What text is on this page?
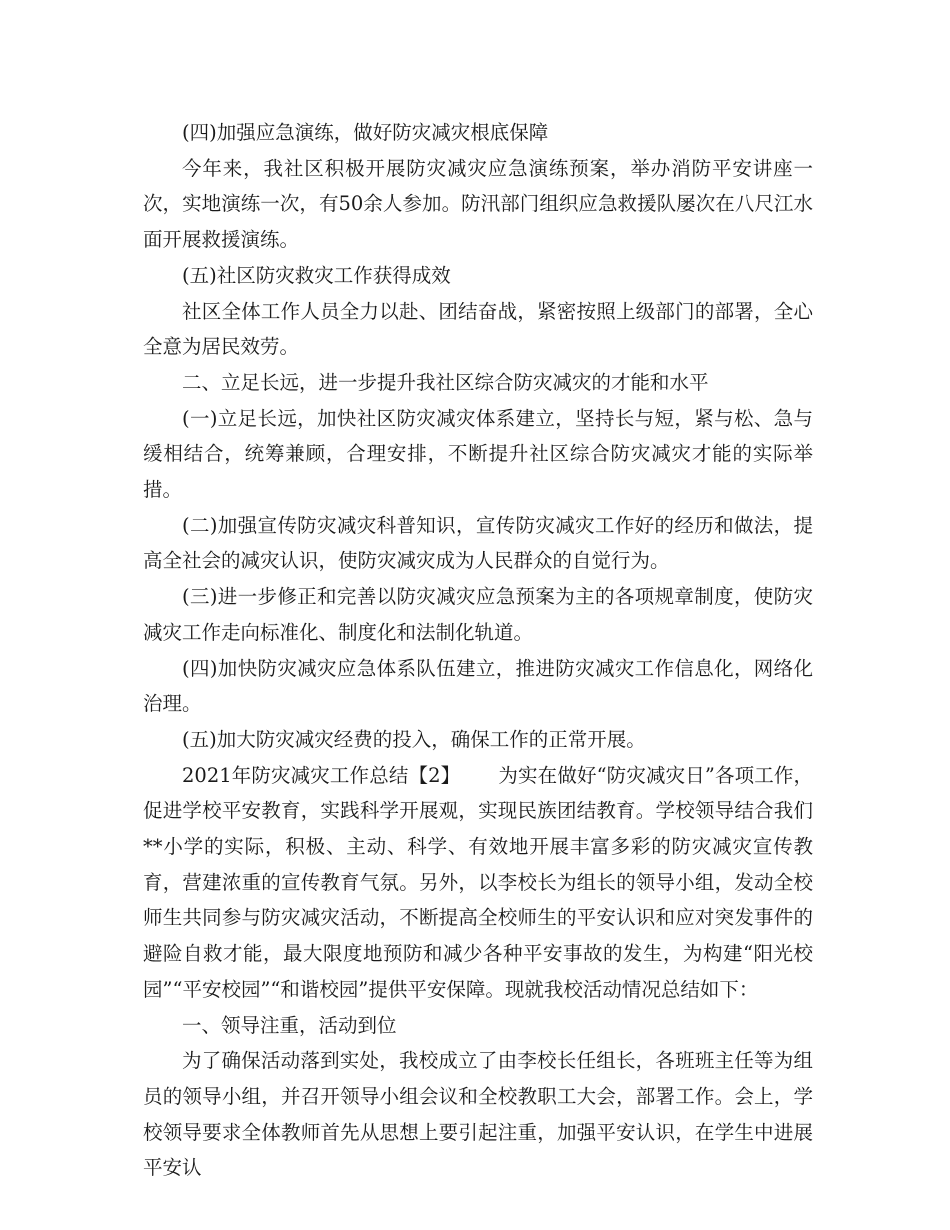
(四)加强应急演练，做好防灾减灾根底保障

今年来，我社区积极开展防灾减灾应急演练预案，举办消防平安讲座一次，实地演练一次，有50余人参加。防汛部门组织应急救援队屡次在八尺江水面开展救援演练。

(五)社区防灾救灾工作获得成效

社区全体工作人员全力以赴、团结奋战，紧密按照上级部门的部署，全心全意为居民效劳。

二、立足长远，进一步提升我社区综合防灾减灾的才能和水平

(一)立足长远，加快社区防灾减灾体系建立，坚持长与短，紧与松、急与缓相结合，统筹兼顾，合理安排，不断提升社区综合防灾减灾才能的实际举措。

(二)加强宣传防灾减灾科普知识，宣传防灾减灾工作好的经历和做法，提高全社会的减灾认识，使防灾减灾成为人民群众的自觉行为。

(三)进一步修正和完善以防灾减灾应急预案为主的各项规章制度，使防灾减灾工作走向标准化、制度化和法制化轨道。

(四)加快防灾减灾应急体系队伍建立，推进防灾减灾工作信息化，网络化治理。

(五)加大防灾减灾经费的投入，确保工作的正常开展。

2021年防灾减灾工作总结【2】 为实在做好“防灾减灾日”各项工作，促进学校平安教育，实践科学开展观，实现民族团结教育。学校领导结合我们**小学的实际，积极、主动、科学、有效地开展丰富多彩的防灾减灾宣传教育，营建浓重的宣传教育气氛。另外，以李校长为组长的领导小组，发动全校师生共同参与防灾减灾活动，不断提高全校师生的平安认识和应对突发事件的避险自救才能，最大限度地预防和减少各种平安事故的发生，为构建“阳光校园”“平安校园”“和谐校园”提供平安保障。现就我校活动情况总结如下：

一、领导注重，活动到位

为了确保活动落到实处，我校成立了由李校长任组长，各班班主任等为组员的领导小组，并召开领导小组会议和全校教职工大会，部署工作。会上，学校领导要求全体教师首先从思想上要引起注重，加强平安认识，在学生中进展平安认
